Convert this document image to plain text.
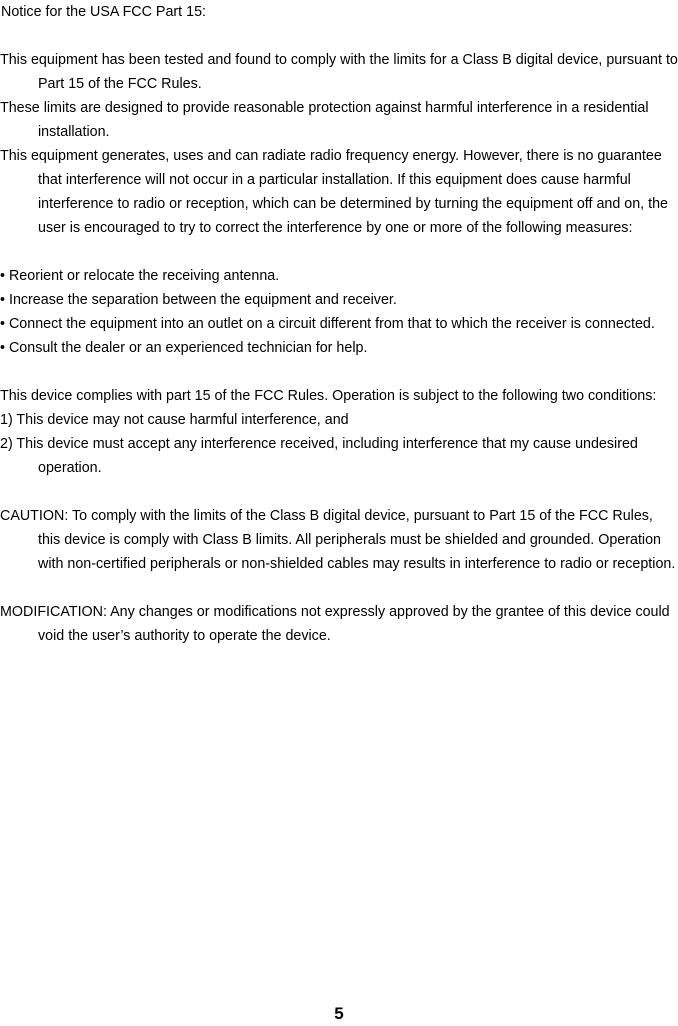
Notice for the USA FCC Part 15:

This equipment has been tested and found to comply with the limits for a Class B digital device, pursuant to Part 15 of the FCC Rules.

These limits are designed to provide reasonable protection against harmful interference in a residential installation.

This equipment generates, uses and can radiate radio frequency energy. However, there is no guarantee that interference will not occur in a particular installation. If this equipment does cause harmful interference to radio or reception, which can be determined by turning the equipment off and on, the user is encouraged to try to correct the interference by one or more of the following measures:

• Reorient or relocate the receiving antenna.

• Increase the separation between the equipment and receiver.

• Connect the equipment into an outlet on a circuit different from that to which the receiver is connected.

• Consult the dealer or an experienced technician for help.

This device complies with part 15 of the FCC Rules. Operation is subject to the following two conditions:

1) This device may not cause harmful interference, and

2) This device must accept any interference received, including interference that my cause undesired operation.

CAUTION: To comply with the limits of the Class B digital device, pursuant to Part 15 of the FCC Rules, this device is comply with Class B limits. All peripherals must be shielded and grounded. Operation with non-certified peripherals or non-shielded cables may results in interference to radio or reception.

MODIFICATION: Any changes or modifications not expressly approved by the grantee of this device could void the user’s authority to operate the device.

5
